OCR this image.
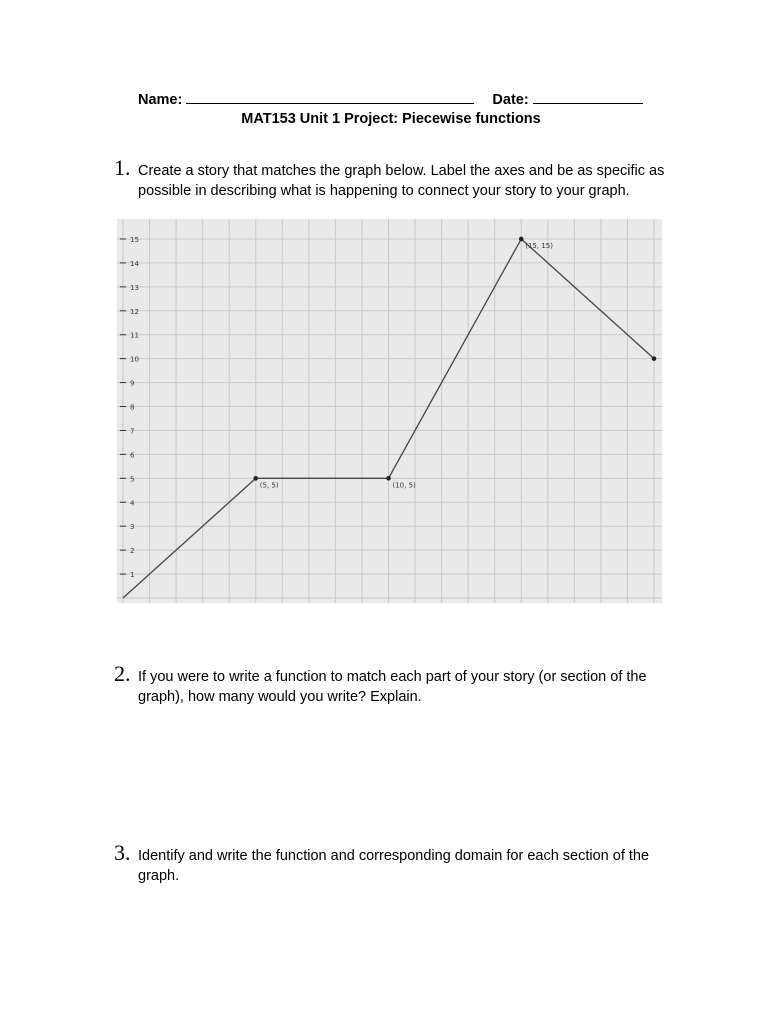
Name:	Date:
MAT153 Unit 1 Project: Piecewise functions
1. Create a story that matches the graph below. Label the axes and be as specific as possible in describing what is happening to connect your story to your graph.
1
2
3
4
5
6
7
8
9
10
11
12
13
14
15
(5, 5)	(10, 5)
(15, 15)
2. If you were to write a function to match each part of your story (or section of the graph), how many would you write? Explain.
3. Identify and write the function and corresponding domain for each section of the graph.
